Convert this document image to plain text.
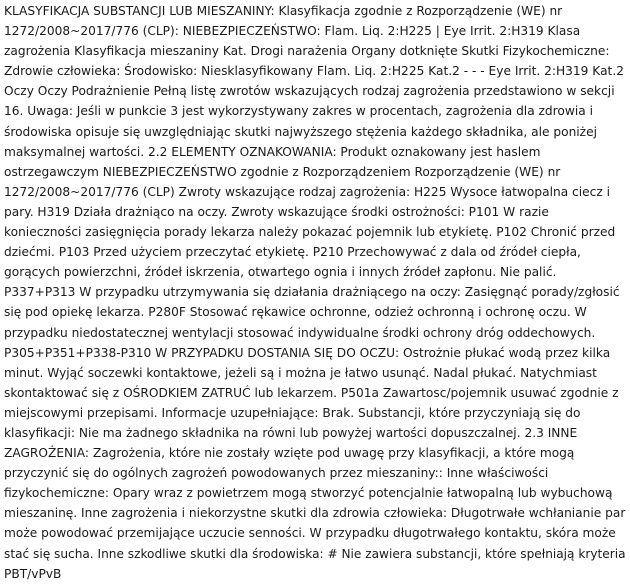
KLASYFIKACJA SUBSTANCJI LUB MIESZANINY: Klasyfikacja zgodnie z Rozporządzenie (WE) nr
1272/2008~2017/776 (CLP): NIEBEZPIECZEŃSTWO: Flam. Liq. 2:H225 | Eye Irrit. 2:H319 Klasa
zagrożenia Klasyfikacja mieszaniny Kat. Drogi narażenia Organy dotknięte Skutki Fizykochemiczne:
Zdrowie człowieka: Środowisko: Niesklasyfikowany Flam. Liq. 2:H225 Kat.2 - - - Eye Irrit. 2:H319 Kat.2
Oczy Oczy Podrażnienie Pełną listę zwrotów wskazujących rodzaj zagrożenia przedstawiono w sekcji
16. Uwaga: Jeśli w punkcie 3 jest wykorzystywany zakres w procentach, zagrożenia dla zdrowia i
środowiska opisuje się uwzględniając skutki najwyższego stężenia każdego składnika, ale poniżej
maksymalnej wartości. 2.2 ELEMENTY OZNAKOWANIA: Produkt oznakowany jest haslem
ostrzegawczym NIEBEZPIECZEŃSTWO zgodnie z Rozporządzeniem Rozporządzenie (WE) nr
1272/2008~2017/776 (CLP) Zwroty wskazujące rodzaj zagrożenia: H225 Wysoce łatwopalna ciecz i
pary. H319 Działa drażniąco na oczy. Zwroty wskazujące środki ostrożności: P101 W razie
konieczności zasięgnięcia porady lekarza należy pokazać pojemnik lub etykietę. P102 Chronić przed
dziećmi. P103 Przed użyciem przeczytać etykietę. P210 Przechowywać z dala od źródeł ciepła,
gorących powierzchni, źródeł iskrzenia, otwartego ognia i innych źródeł zapłonu. Nie palić.
P337+P313 W przypadku utrzymywania się działania drażniącego na oczy: Zasięgnąć porady/zgłosić
się pod opiekę lekarza. P280F Stosować rękawice ochronne, odzież ochronną i ochronę oczu. W
przypadku niedostatecznej wentylacji stosować indywidualne środki ochrony dróg oddechowych.
P305+P351+P338-P310 W PRZYPADKU DOSTANIA SIĘ DO OCZU: Ostrożnie płukać wodą przez kilka
minut. Wyjąć soczewki kontaktowe, jeżeli są i można je łatwo usunąć. Nadal płukać. Natychmiast
skontaktować się z OŚRODKIEM ZATRUĆ lub lekarzem. P501a Zawartosc/pojemnik usuwać zgodnie z
miejscowymi przepisami. Informacje uzupełniające: Brak. Substancji, które przyczyniają się do
klasyfikacji: Nie ma żadnego składnika na równi lub powyżej wartości dopuszczalnej. 2.3 INNE
ZAGROŻENIA: Zagrożenia, które nie zostały wzięte pod uwagę przy klasyfikacji, a które mogą
przyczynić się do ogólnych zagrożeń powodowanych przez mieszaniny:: Inne właściwości
fizykochemiczne: Opary wraz z powietrzem mogą stworzyć potencjalnie łatwopalną lub wybuchową
mieszaninę. Inne zagrożenia i niekorzystne skutki dla zdrowia człowieka: Długotrwałe wchłanianie par
może powodować przemijające uczucie senności. W przypadku długotrwałego kontaktu, skóra może
stać się sucha. Inne szkodliwe skutki dla środowiska: # Nie zawiera substancji, które spełniają kryteria
PBT/vPvB
